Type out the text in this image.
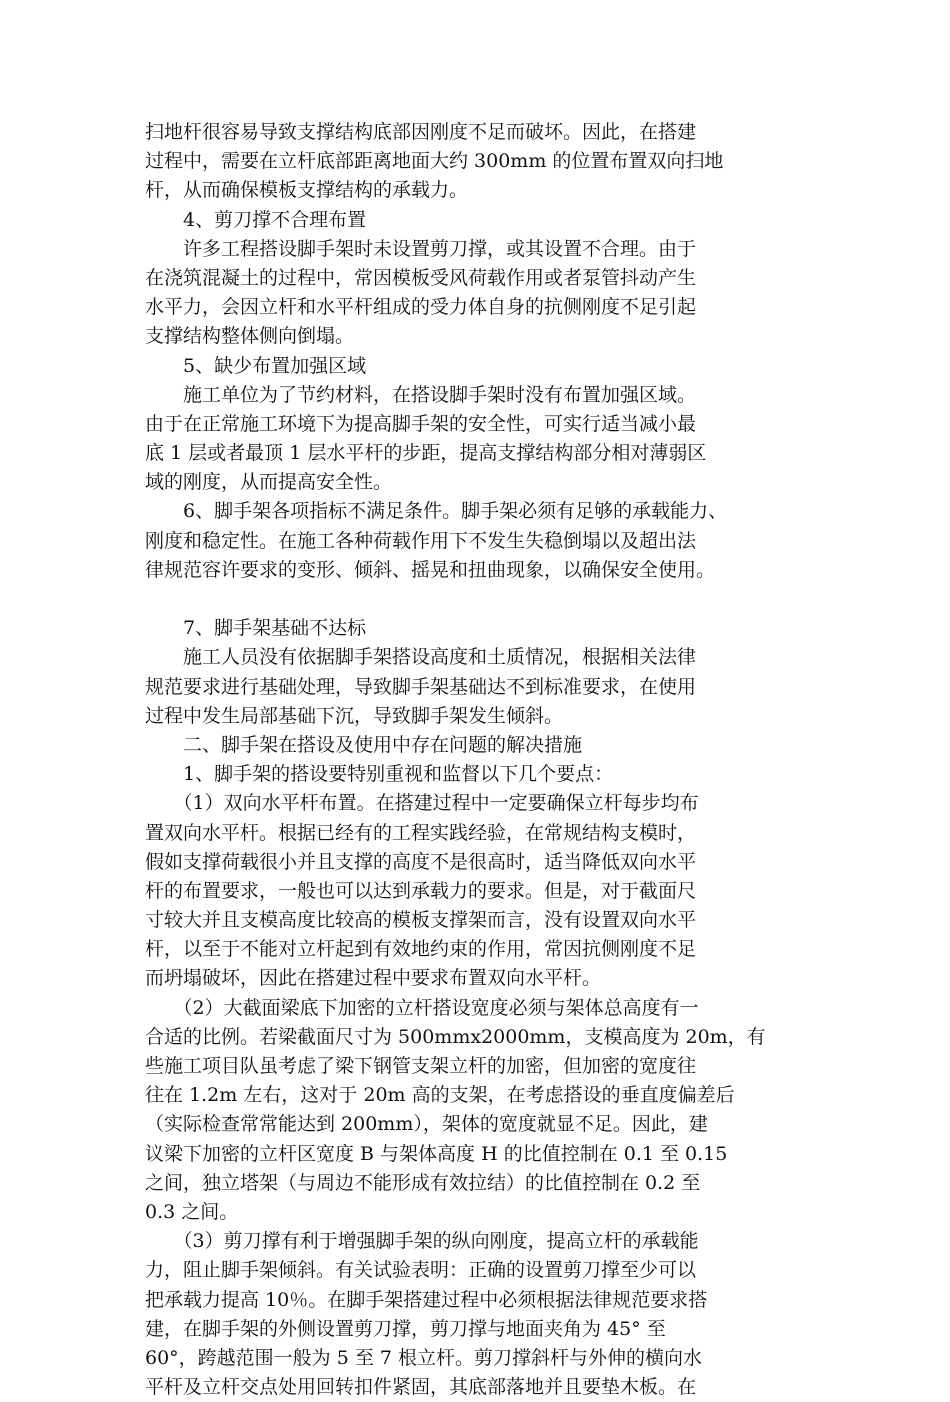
扫地杆很容易导致支撑结构底部因刚度不足而破坏。因此，在搭建
过程中，需要在立杆底部距离地面大约 300mm 的位置布置双向扫地
杆，从而确保模板支撑结构的承载力。
　　4、剪刀撑不合理布置
　　许多工程搭设脚手架时未设置剪刀撑，或其设置不合理。由于
在浇筑混凝土的过程中，常因模板受风荷载作用或者泵管抖动产生
水平力，会因立杆和水平杆组成的受力体自身的抗侧刚度不足引起
支撑结构整体侧向倒塌。
　　5、缺少布置加强区域
　　施工单位为了节约材料，在搭设脚手架时没有布置加强区域。
由于在正常施工环境下为提高脚手架的安全性，可实行适当减小最
底 1 层或者最顶 1 层水平杆的步距，提高支撑结构部分相对薄弱区
域的刚度，从而提高安全性。
　　6、脚手架各项指标不满足条件。脚手架必须有足够的承载能力、
刚度和稳定性。在施工各种荷载作用下不发生失稳倒塌以及超出法
律规范容许要求的变形、倾斜、摇晃和扭曲现象，以确保安全使用。
　　7、脚手架基础不达标
　　施工人员没有依据脚手架搭设高度和土质情况，根据相关法律
规范要求进行基础处理，导致脚手架基础达不到标准要求，在使用
过程中发生局部基础下沉，导致脚手架发生倾斜。
　　二、脚手架在搭设及使用中存在问题的解决措施
　　1、脚手架的搭设要特别重视和监督以下几个要点：
　　（1）双向水平杆布置。在搭建过程中一定要确保立杆每步均布
置双向水平杆。根据已经有的工程实践经验，在常规结构支模时，
假如支撑荷载很小并且支撑的高度不是很高时，适当降低双向水平
杆的布置要求，一般也可以达到承载力的要求。但是，对于截面尺
寸较大并且支模高度比较高的模板支撑架而言，没有设置双向水平
杆，以至于不能对立杆起到有效地约束的作用，常因抗侧刚度不足
而坍塌破坏，因此在搭建过程中要求布置双向水平杆。
　　（2）大截面梁底下加密的立杆搭设宽度必须与架体总高度有一
合适的比例。若梁截面尺寸为 500mmx2000mm，支模高度为 20m，有
些施工项目队虽考虑了梁下钢管支架立杆的加密，但加密的宽度往
往在 1.2m 左右，这对于 20m 高的支架，在考虑搭设的垂直度偏差后
（实际检查常常能达到 200mm），架体的宽度就显不足。因此，建
议梁下加密的立杆区宽度 B 与架体高度 H 的比值控制在 0.1 至 0.15
之间，独立塔架（与周边不能形成有效拉结）的比值控制在 0.2 至
0.3 之间。
　　（3）剪刀撑有利于增强脚手架的纵向刚度，提高立杆的承载能
力，阻止脚手架倾斜。有关试验表明：正确的设置剪刀撑至少可以
把承载力提高 10％。在脚手架搭建过程中必须根据法律规范要求搭
建，在脚手架的外侧设置剪刀撑，剪刀撑与地面夹角为 45° 至
60°，跨越范围一般为 5 至 7 根立杆。剪刀撑斜杆与外伸的横向水
平杆及立杆交点处用回转扣件紧固，其底部落地并且要垫木板。在
